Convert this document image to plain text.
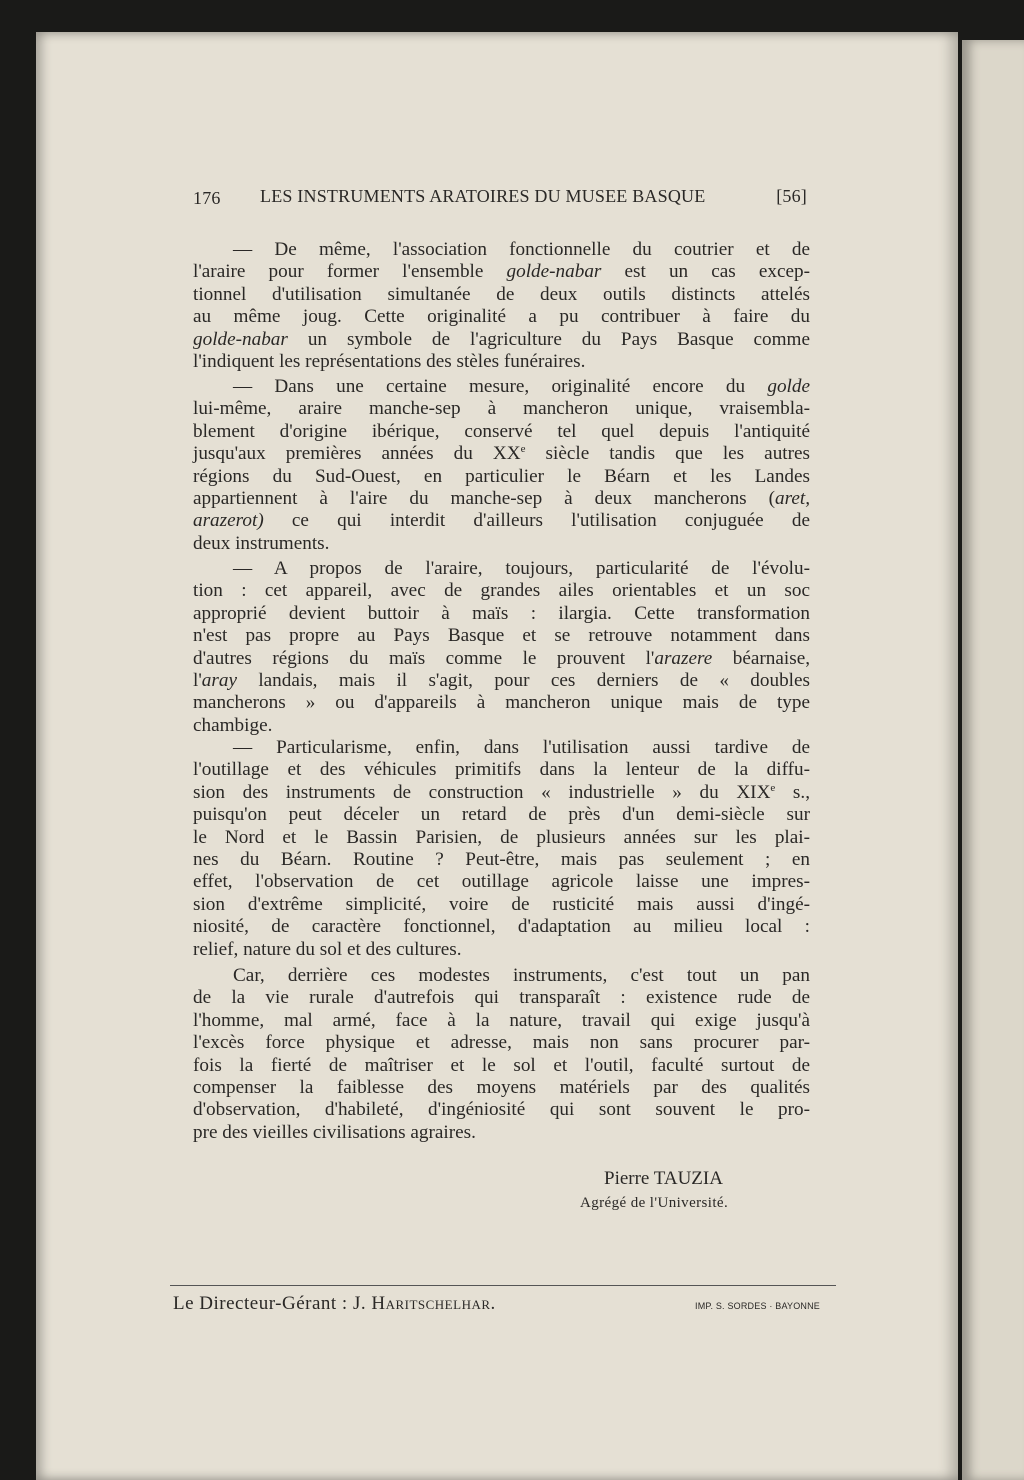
176 LES INSTRUMENTS ARATOIRES DU MUSEE BASQUE	[56]
— De même, l'association fonctionnelle du coutrier et de
l'araire pour former l'ensemble golde-nabar est un cas excep-
tionnel d'utilisation simultanée de deux outils distincts attelés
au même joug. Cette originalité a pu contribuer à faire du
golde-nabar un symbole de l'agriculture du Pays Basque comme
l'indiquent les représentations des stèles funéraires.
— Dans une certaine mesure, originalité encore du golde
lui-même, araire manche-sep à mancheron unique, vraisembla-
blement d'origine ibérique, conservé tel quel depuis l'antiquité
jusqu'aux premières années du XXe siècle tandis que les autres
régions du Sud-Ouest, en particulier le Béarn et les Landes
appartiennent à l'aire du manche-sep à deux mancherons (aret,
arazerot) ce qui interdit d'ailleurs l'utilisation conjuguée de
deux instruments.
— A propos de l'araire, toujours, particularité de l'évolu-
tion : cet appareil, avec de grandes ailes orientables et un soc
approprié devient buttoir à maïs : ilargia. Cette transformation
n'est pas propre au Pays Basque et se retrouve notamment dans
d'autres régions du maïs comme le prouvent l'arazere béarnaise,
l'aray landais, mais il s'agit, pour ces derniers de « doubles
mancherons » ou d'appareils à mancheron unique mais de type
chambige.
— Particularisme, enfin, dans l'utilisation aussi tardive de
l'outillage et des véhicules primitifs dans la lenteur de la diffu-
sion des instruments de construction « industrielle » du XIXe s.,
puisqu'on peut déceler un retard de près d'un demi-siècle sur
le Nord et le Bassin Parisien, de plusieurs années sur les plai-
nes du Béarn. Routine ? Peut-être, mais pas seulement ; en
effet, l'observation de cet outillage agricole laisse une impres-
sion d'extrême simplicité, voire de rusticité mais aussi d'ingé-
niosité, de caractère fonctionnel, d'adaptation au milieu local :
relief, nature du sol et des cultures.
Car, derrière ces modestes instruments, c'est tout un pan
de la vie rurale d'autrefois qui transparaît : existence rude de
l'homme, mal armé, face à la nature, travail qui exige jusqu'à
l'excès force physique et adresse, mais non sans procurer par-
fois la fierté de maîtriser et le sol et l'outil, faculté surtout de
compenser la faiblesse des moyens matériels par des qualités
d'observation, d'habileté, d'ingéniosité qui sont souvent le pro-
pre des vieilles civilisations agraires.
Pierre TAUZIA
Agrégé de l'Université.
Le Directeur-Gérant : J. Haritschelhar.	IMP. S. SORDES · BAYONNE
